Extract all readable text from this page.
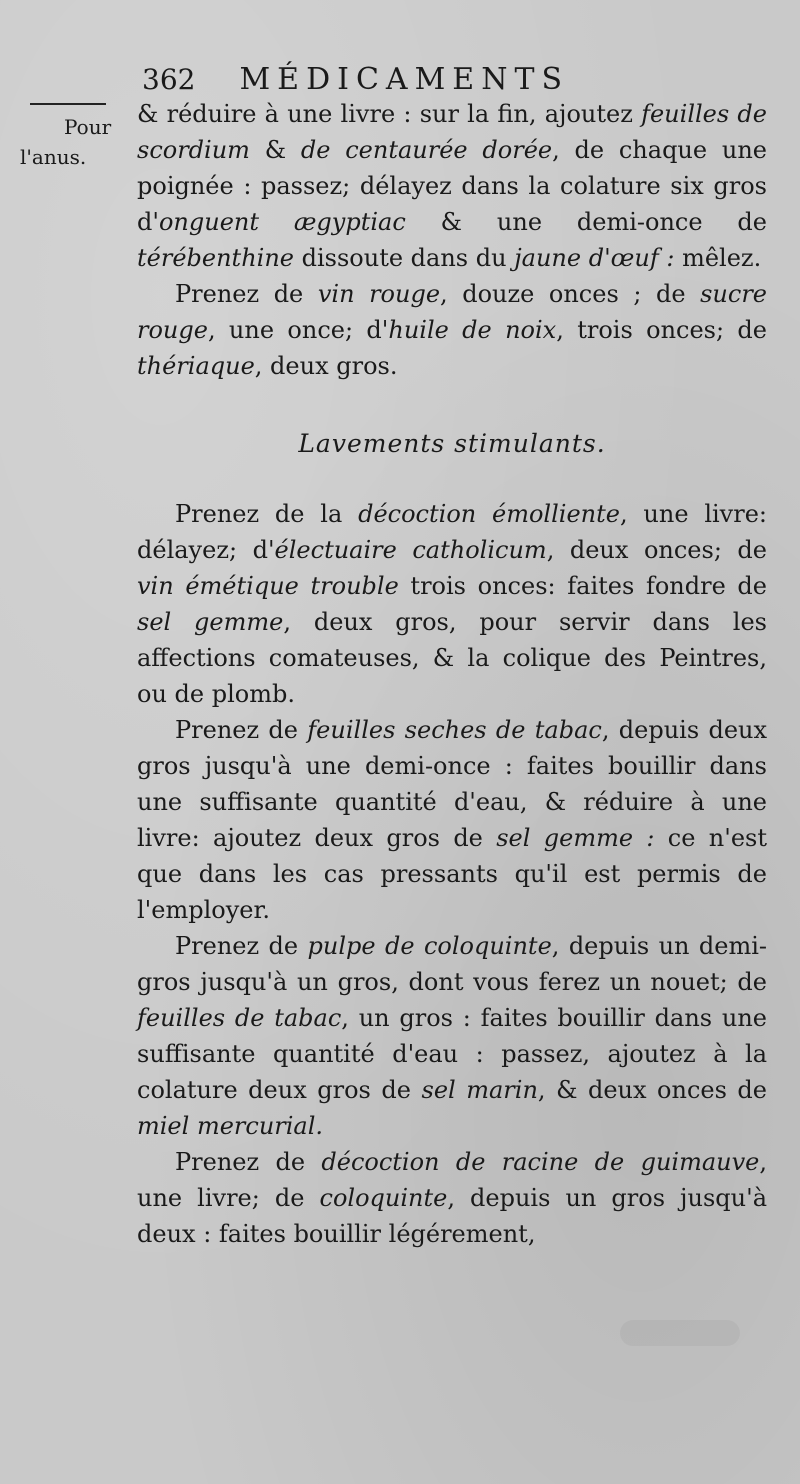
362 MÉDICAMENTS
Pour
l'anus.

& réduire à une livre : sur la fin, ajoutez feuilles de scordium & de centaurée dorée, de chaque une poignée : passez; délayez dans la colature six gros d'onguent ægyptiac & une demi-once de térébenthine dissoute dans du jaune d'œuf : mêlez.

Prenez de vin rouge, douze onces ; de sucre rouge, une once; d'huile de noix, trois onces; de thériaque, deux gros.

Lavements stimulants.

Prenez de la décoction émolliente, une livre: délayez; d'électuaire catholicum, deux onces; de vin émétique trouble trois onces: faites fondre de sel gemme, deux gros, pour servir dans les affections comateuses, & la colique des Peintres, ou de plomb.

Prenez de feuilles seches de tabac, depuis deux gros jusqu'à une demi-once : faites bouillir dans une suffisante quantité d'eau, & réduire à une livre: ajoutez deux gros de sel gemme : ce n'est que dans les cas pressants qu'il est permis de l'employer.

Prenez de pulpe de coloquinte, depuis un demi-gros jusqu'à un gros, dont vous ferez un nouet; de feuilles de tabac, un gros : faites bouillir dans une suffisante quantité d'eau : passez, ajoutez à la colature deux gros de sel marin, & deux onces de miel mercurial.

Prenez de décoction de racine de guimauve, une livre; de coloquinte, depuis un gros jusqu'à deux : faites bouillir légérement,
